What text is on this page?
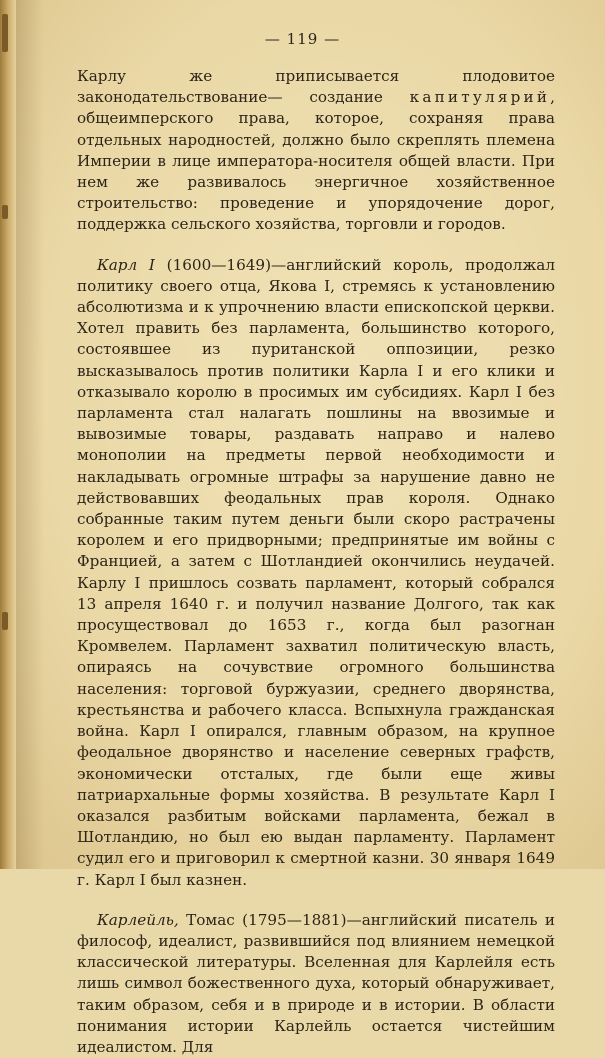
— 119 —

Карлу же приписывается плодовитое законодательствование— создание капитулярий, общеимперского права, которое, сохраняя права отдельных народностей, должно было скреплять племена Империи в лице императора-носителя общей власти. При нем же развивалось энергичное хозяйственное строительство: проведение и упорядочение дорог, поддержка сельского хозяйства, торговли и городов.

Карл I (1600—1649)—английский король, продолжал политику своего отца, Якова I, стремясь к установлению абсолютизма и к упрочнению власти епископской церкви. Хотел править без парламента, большинство которого, состоявшее из пуританской оппозиции, резко высказывалось против политики Карла I и его клики и отказывало королю в просимых им субсидиях. Карл I без парламента стал налагать пошлины на ввозимые и вывозимые товары, раздавать направо и налево монополии на предметы первой необходимости и накладывать огромные штрафы за нарушение давно не действовавших феодальных прав короля. Однако собранные таким путем деньги были скоро растрачены королем и его придворными; предпринятые им войны с Францией, а затем с Шотландией окончились неудачей. Карлу I пришлось созвать парламент, который собрался 13 апреля 1640 г. и получил название Долгого, так как просуществовал до 1653 г., когда был разогнан Кромвелем. Парламент захватил политическую власть, опираясь на сочувствие огромного большинства населения: торговой буржуазии, среднего дворянства, крестьянства и рабочего класса. Вспыхнула гражданская война. Карл I опирался, главным образом, на крупное феодальное дворянство и население северных графств, экономически отсталых, где были еще живы патриархальные формы хозяйства. В результате Карл I оказался разбитым войсками парламента, бежал в Шотландию, но был ею выдан парламенту. Парламент судил его и приговорил к смертной казни. 30 января 1649 г. Карл I был казнен.

Карлейль, Томас (1795—1881)—английский писатель и философ, идеалист, развившийся под влиянием немецкой классической литературы. Вселенная для Карлейля есть лишь символ божественного духа, который обнаруживает, таким образом, себя и в природе и в истории. В области понимания истории Карлейль остается чистейшим идеалистом. Для
